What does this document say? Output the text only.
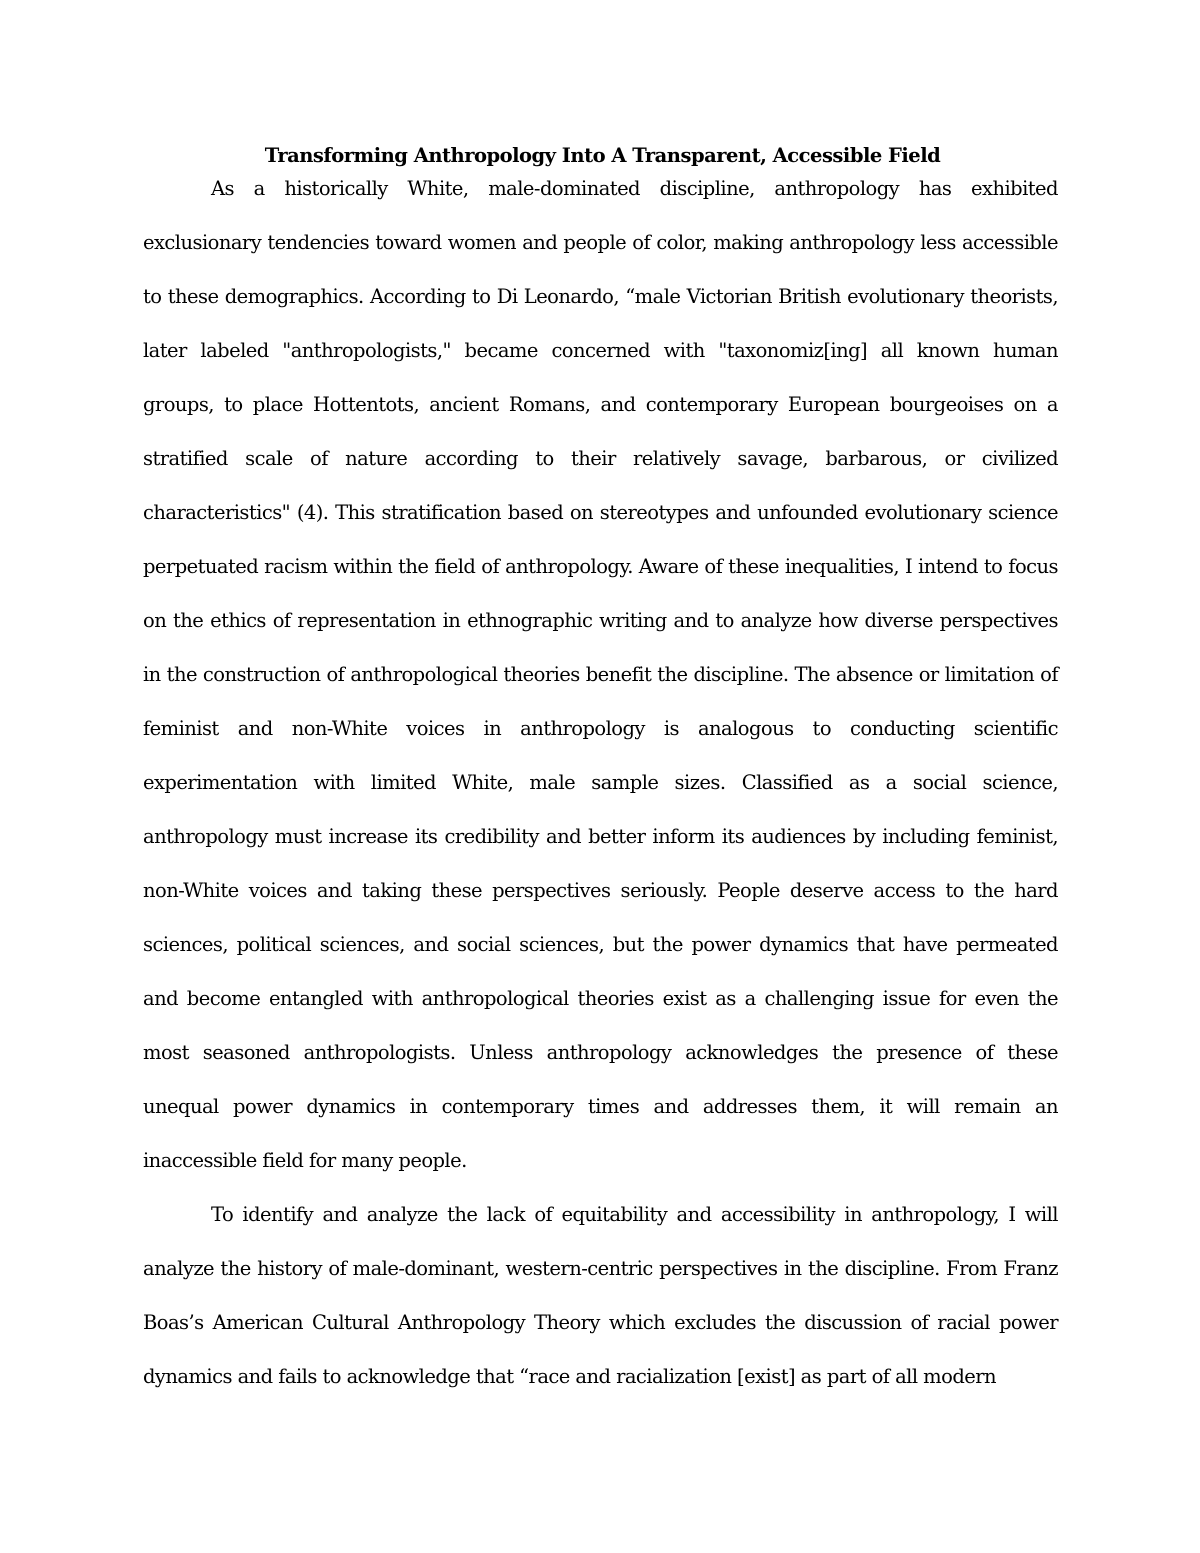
Transforming Anthropology Into A Transparent, Accessible Field

As a historically White, male-dominated discipline, anthropology has exhibited exclusionary tendencies toward women and people of color, making anthropology less accessible to these demographics. According to Di Leonardo, “male Victorian British evolutionary theorists, later labeled "anthropologists," became concerned with "taxonomiz[ing] all known human groups, to place Hottentots, ancient Romans, and contemporary European bourgeoises on a stratified scale of nature according to their relatively savage, barbarous, or civilized characteristics" (4). This stratification based on stereotypes and unfounded evolutionary science perpetuated racism within the field of anthropology. Aware of these inequalities, I intend to focus on the ethics of representation in ethnographic writing and to analyze how diverse perspectives in the construction of anthropological theories benefit the discipline. The absence or limitation of feminist and non-White voices in anthropology is analogous to conducting scientific experimentation with limited White, male sample sizes. Classified as a social science, anthropology must increase its credibility and better inform its audiences by including feminist, non-White voices and taking these perspectives seriously. People deserve access to the hard sciences, political sciences, and social sciences, but the power dynamics that have permeated and become entangled with anthropological theories exist as a challenging issue for even the most seasoned anthropologists. Unless anthropology acknowledges the presence of these unequal power dynamics in contemporary times and addresses them, it will remain an inaccessible field for many people.

To identify and analyze the lack of equitability and accessibility in anthropology, I will analyze the history of male-dominant, western-centric perspectives in the discipline. From Franz Boas’s American Cultural Anthropology Theory which excludes the discussion of racial power dynamics and fails to acknowledge that “race and racialization [exist] as part of all modern
